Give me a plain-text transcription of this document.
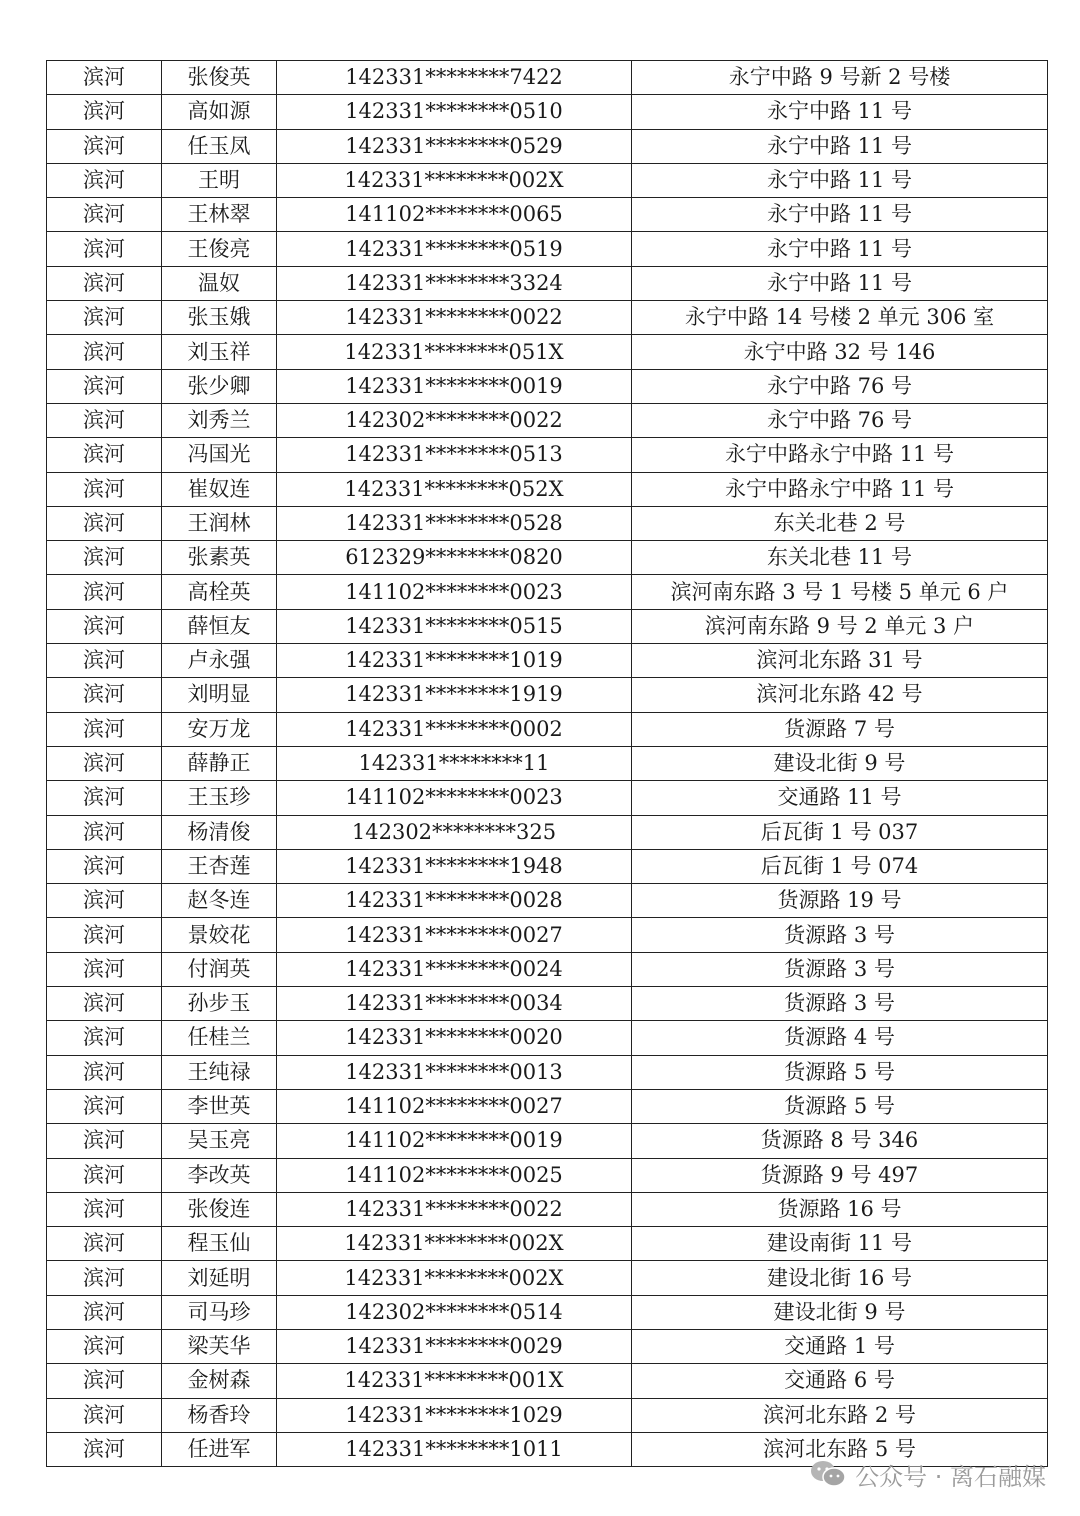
滨河	张俊英	142331********7422	永宁中路 9 号新 2 号楼
滨河	高如源	142331********0510	永宁中路 11 号
滨河	任玉凤	142331********0529	永宁中路 11 号
滨河	王明	142331********002X	永宁中路 11 号
滨河	王林翠	141102********0065	永宁中路 11 号
滨河	王俊亮	142331********0519	永宁中路 11 号
滨河	温奴	142331********3324	永宁中路 11 号
滨河	张玉娥	142331********0022	永宁中路 14 号楼 2 单元 306 室
滨河	刘玉祥	142331********051X	永宁中路 32 号 146
滨河	张少卿	142331********0019	永宁中路 76 号
滨河	刘秀兰	142302********0022	永宁中路 76 号
滨河	冯国光	142331********0513	永宁中路永宁中路 11 号
滨河	崔奴连	142331********052X	永宁中路永宁中路 11 号
滨河	王润林	142331********0528	东关北巷 2 号
滨河	张素英	612329********0820	东关北巷 11 号
滨河	高栓英	141102********0023	滨河南东路 3 号 1 号楼 5 单元 6 户
滨河	薛恒友	142331********0515	滨河南东路 9 号 2 单元 3 户
滨河	卢永强	142331********1019	滨河北东路 31 号
滨河	刘明显	142331********1919	滨河北东路 42 号
滨河	安万龙	142331********0002	货源路 7 号
滨河	薛静正	142331********11	建设北街 9 号
滨河	王玉珍	141102********0023	交通路 11 号
滨河	杨清俊	142302********325	后瓦街 1 号 037
滨河	王杏莲	142331********1948	后瓦街 1 号 074
滨河	赵冬连	142331********0028	货源路 19 号
滨河	景姣花	142331********0027	货源路 3 号
滨河	付润英	142331********0024	货源路 3 号
滨河	孙步玉	142331********0034	货源路 3 号
滨河	任桂兰	142331********0020	货源路 4 号
滨河	王纯禄	142331********0013	货源路 5 号
滨河	李世英	141102********0027	货源路 5 号
滨河	吴玉亮	141102********0019	货源路 8 号 346
滨河	李改英	141102********0025	货源路 9 号 497
滨河	张俊连	142331********0022	货源路 16 号
滨河	程玉仙	142331********002X	建设南街 11 号
滨河	刘延明	142331********002X	建设北街 16 号
滨河	司马珍	142302********0514	建设北街 9 号
滨河	梁芙华	142331********0029	交通路 1 号
滨河	金树森	142331********001X	交通路 6 号
滨河	杨香玲	142331********1029	滨河北东路 2 号
滨河	任进军	142331********1011	滨河北东路 5 号
公众号 · 离石融媒
